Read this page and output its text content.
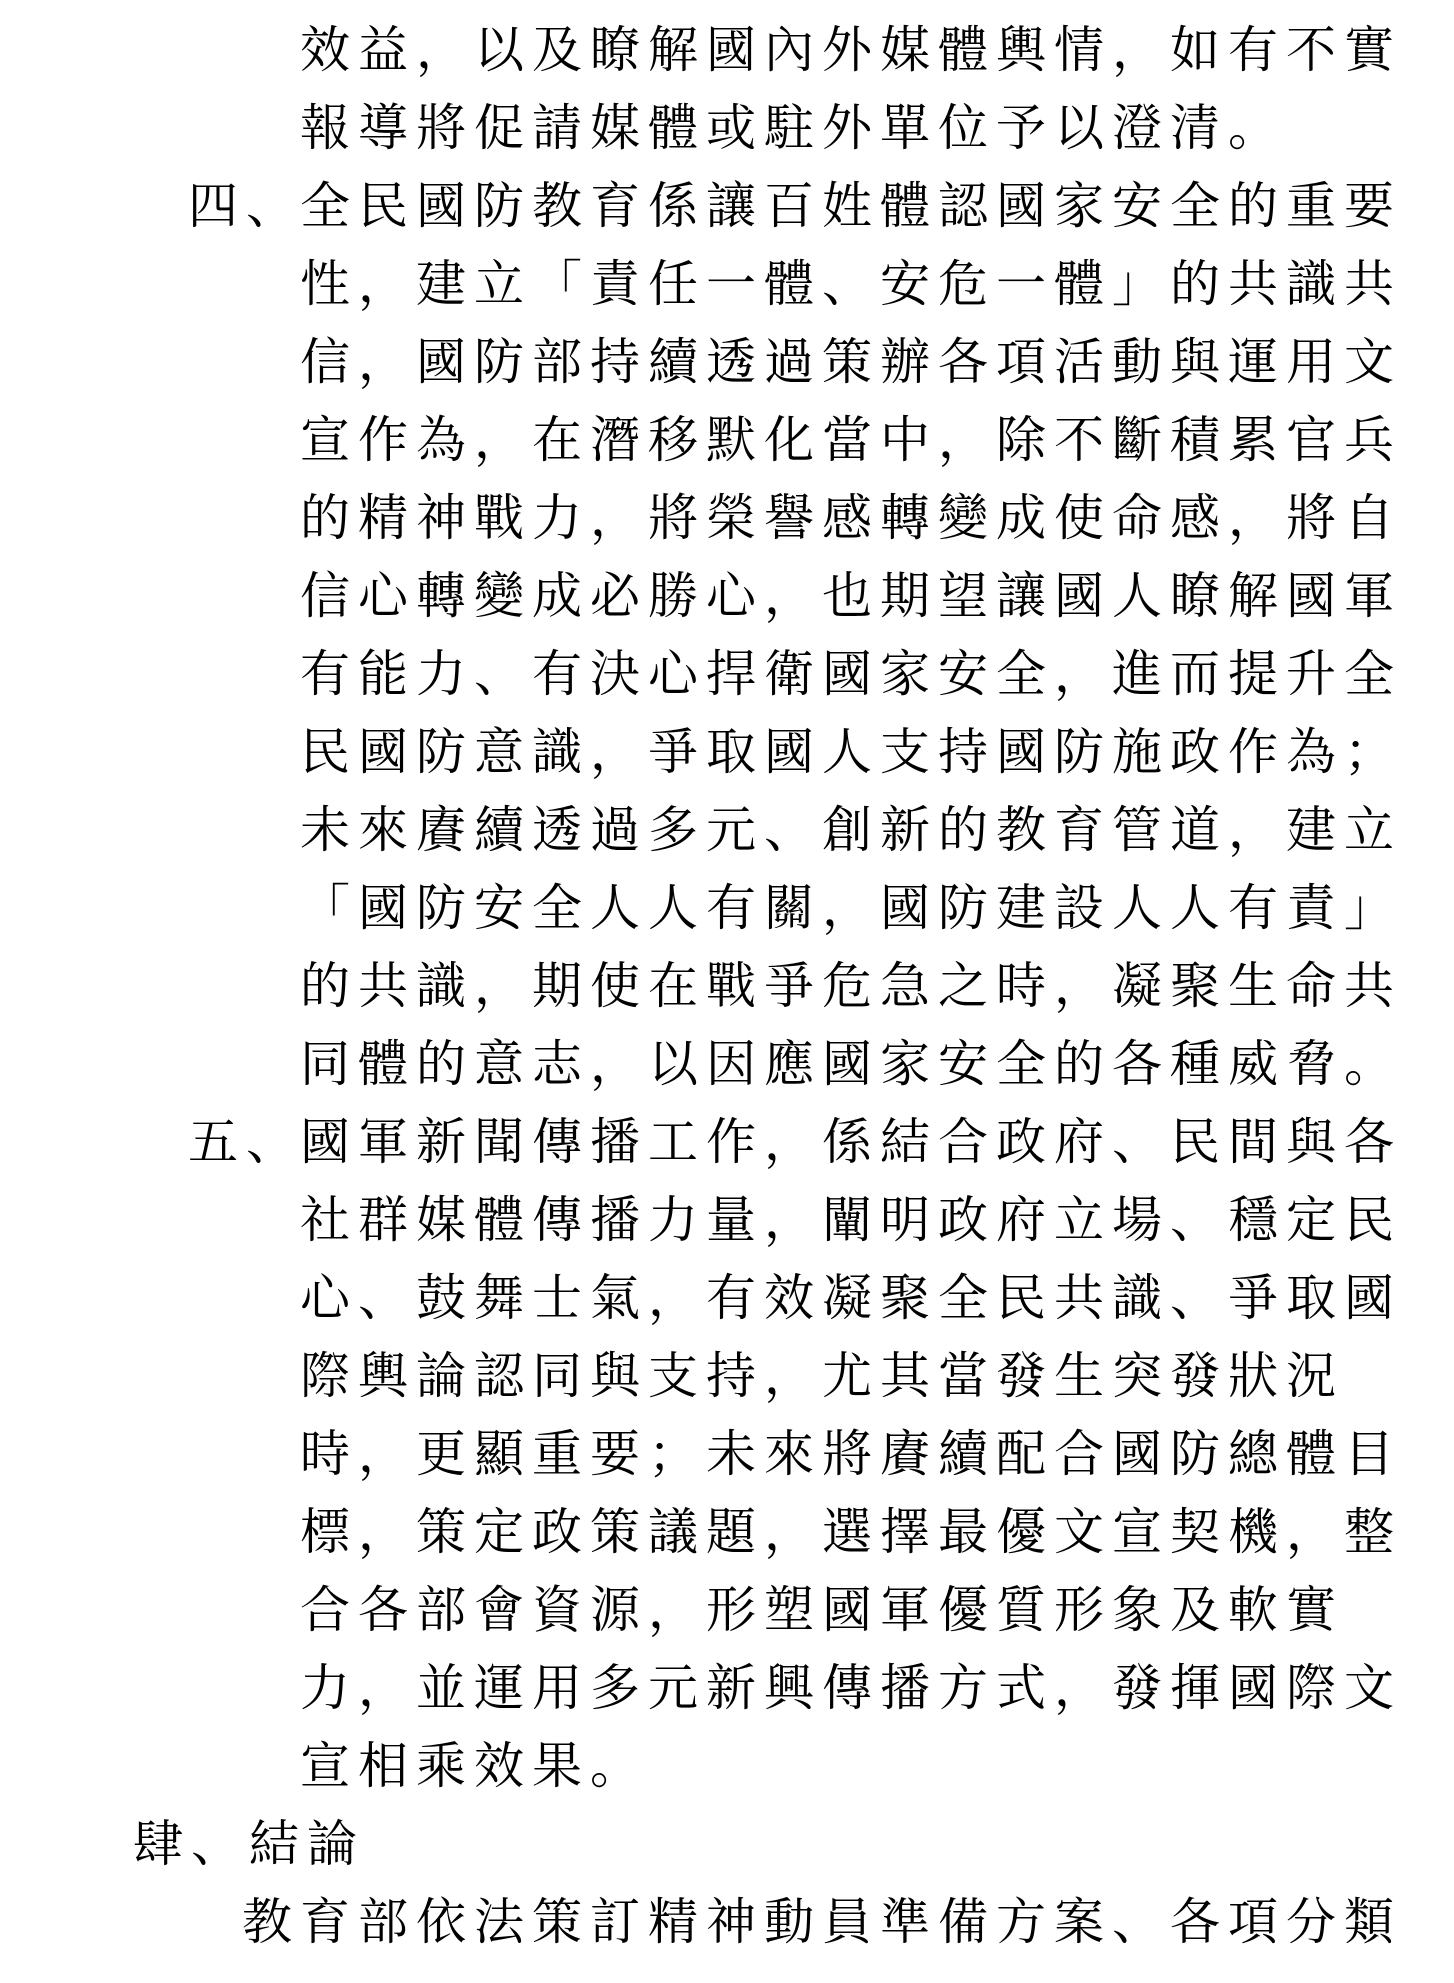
效益，以及瞭解國內外媒體輿情，如有不實
報導將促請媒體或駐外單位予以澄清。
四、
全民國防教育係讓百姓體認國家安全的重要
性，建立「責任一體、安危一體」的共識共
信，國防部持續透過策辦各項活動與運用文
宣作為，在潛移默化當中，除不斷積累官兵
的精神戰力，將榮譽感轉變成使命感，將自
信心轉變成必勝心，也期望讓國人瞭解國軍
有能力、有決心捍衛國家安全，進而提升全
民國防意識，爭取國人支持國防施政作為；
未來賡續透過多元、創新的教育管道，建立
「國防安全人人有關，國防建設人人有責」
的共識，期使在戰爭危急之時，凝聚生命共
同體的意志，以因應國家安全的各種威脅。
五、
國軍新聞傳播工作，係結合政府、民間與各
社群媒體傳播力量，闡明政府立場、穩定民
心、鼓舞士氣，有效凝聚全民共識、爭取國
際輿論認同與支持，尤其當發生突發狀況
時，更顯重要；未來將賡續配合國防總體目
標，策定政策議題，選擇最優文宣契機，整
合各部會資源，形塑國軍優質形象及軟實
力，並運用多元新興傳播方式，發揮國際文
宣相乘效果。
肆、結論
教育部依法策訂精神動員準備方案、各項分類
